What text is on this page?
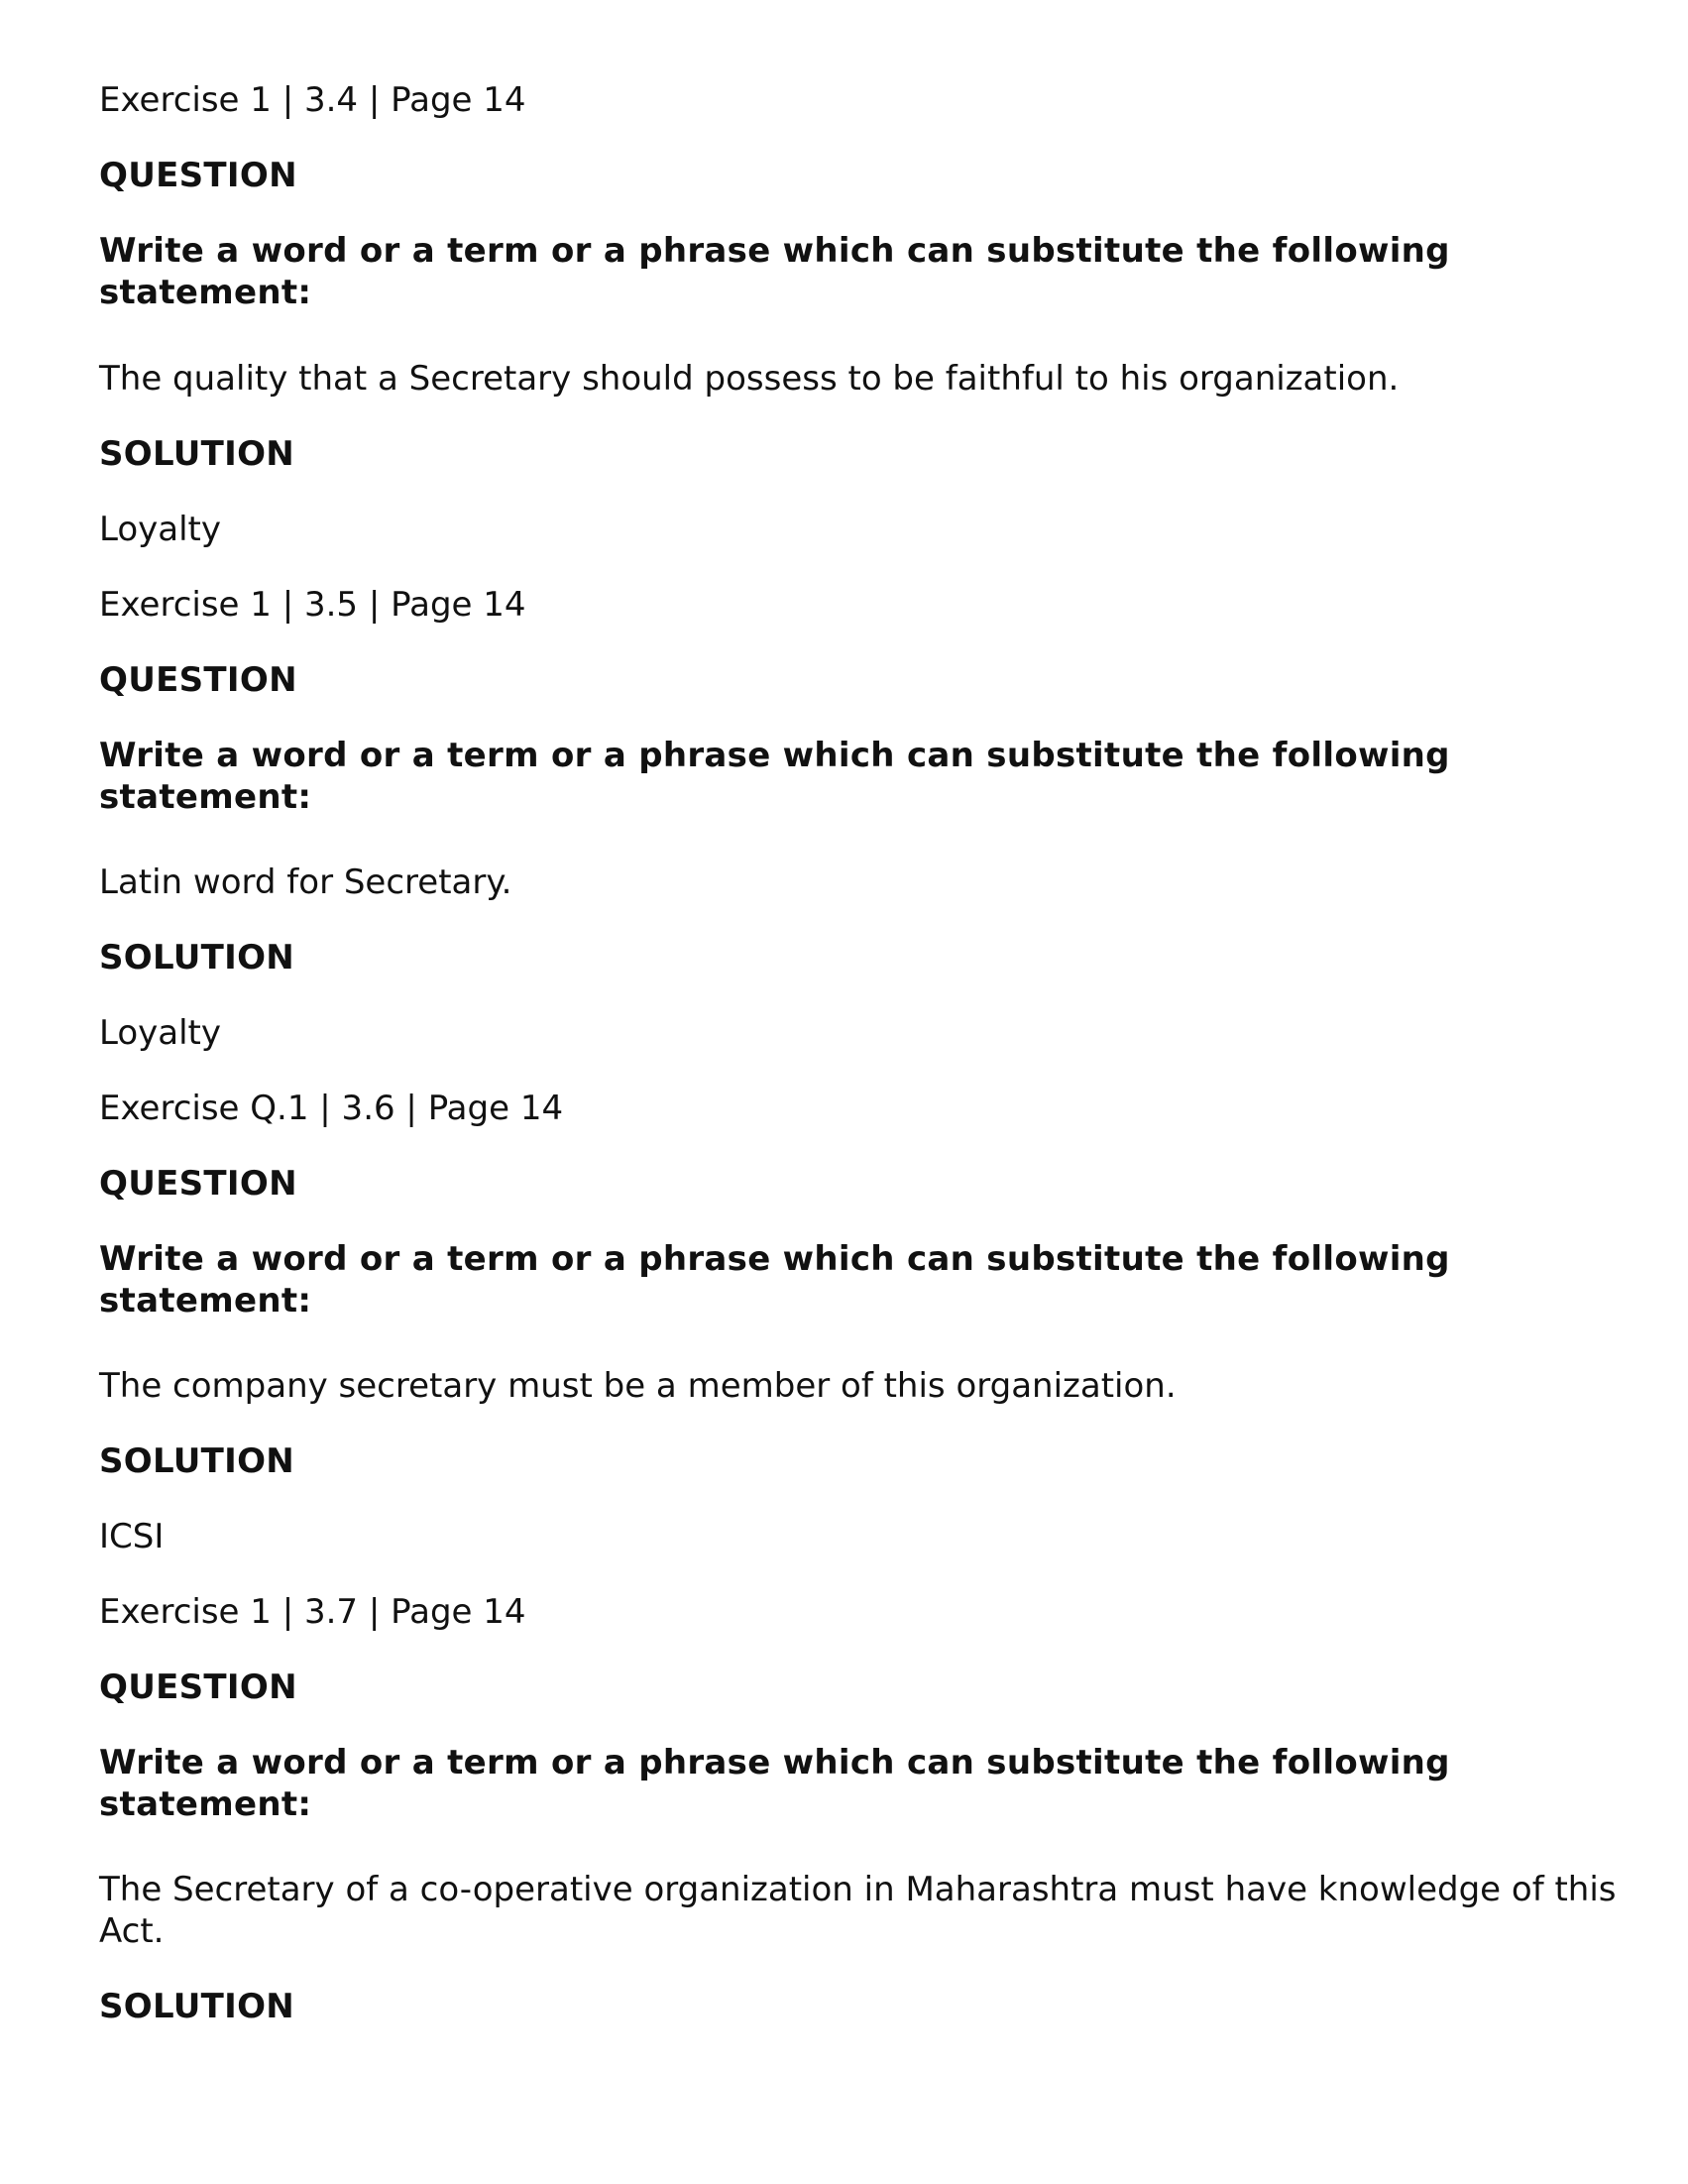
Exercise 1 | 3.4 | Page 14

QUESTION

Write a word or a term or a phrase which can substitute the following

statement:

The quality that a Secretary should possess to be faithful to his organization.

SOLUTION

Loyalty

Exercise 1 | 3.5 | Page 14

QUESTION

Write a word or a term or a phrase which can substitute the following

statement:

Latin word for Secretary.

SOLUTION

Loyalty

Exercise Q.1 | 3.6 | Page 14

QUESTION

Write a word or a term or a phrase which can substitute the following

statement:

The company secretary must be a member of this organization.

SOLUTION

ICSI

Exercise 1 | 3.7 | Page 14

QUESTION

Write a word or a term or a phrase which can substitute the following

statement:

The Secretary of a co-operative organization in Maharashtra must have knowledge of this

Act.

SOLUTION
